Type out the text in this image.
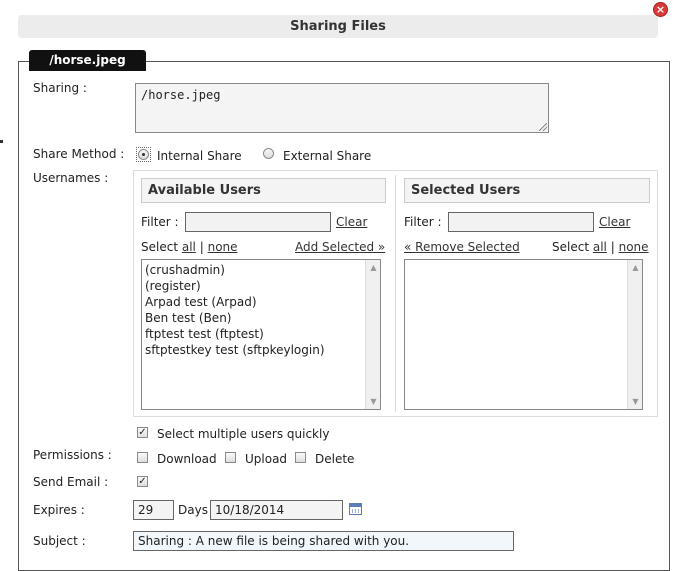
Sharing Files
×
/horse.jpeg
Sharing :	/horse.jpeg
Share Method :	Internal Share	External Share
Usernames :
Available Users
Filter :	Clear
Select all | none	Add Selected »
(crushadmin)
(register)
Arpad test (Arpad)
Ben test (Ben)
ftptest test (ftptest)
sftptestkey test (sftpkeylogin)
▲
▼
Selected Users
Filter :	Clear
« Remove Selected	Select all | none
▲
▼
✓ Select multiple users quickly
Permissions :	Download Upload Delete
Send Email :	✓
Expires :	29	Days 10/18/2014
Subject :	Sharing : A new file is being shared with you.
